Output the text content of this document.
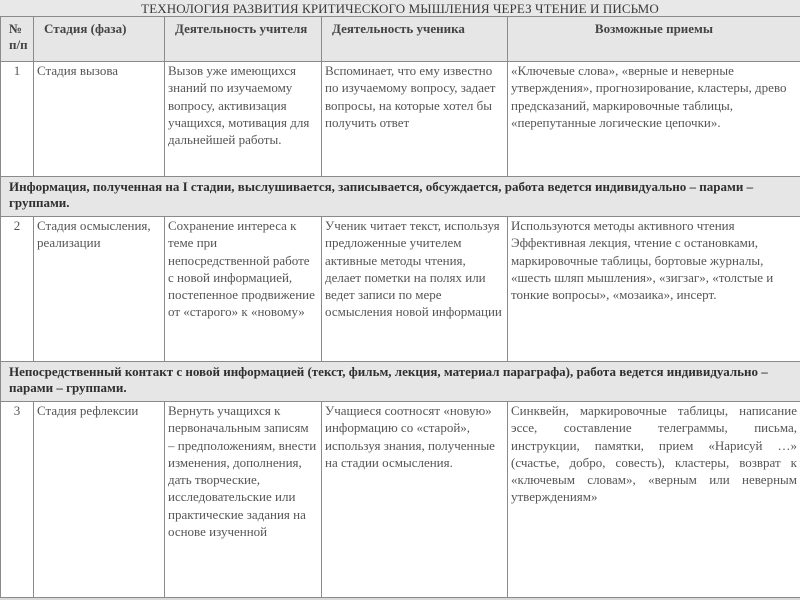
ТЕХНОЛОГИЯ РАЗВИТИЯ КРИТИЧЕСКОГО МЫШЛЕНИЯ ЧЕРЕЗ ЧТЕНИЕ И ПИСЬМО
№ п/п	Стадия (фаза)	Деятельность учителя	Деятельность ученика	Возможные приемы
1	Стадия вызова	Вызов уже имеющихся знаний по изучаемому вопросу, активизация учащихся, мотивация для дальнейшей работы.	Вспоминает, что ему известно по изучаемому вопросу, задает вопросы, на которые хотел бы получить ответ	«Ключевые слова», «верные и неверные утверждения», прогнозирование, кластеры, древо предсказаний, маркировочные таблицы, «перепутанные логические цепочки».
Информация, полученная на I стадии, выслушивается, записывается, обсуждается, работа ведется индивидуально – парами – группами.				
2	Стадия осмысления, реализации	Сохранение интереса к теме при непосредственной работе с новой информацией, постепенное продвижение от «старого» к «новому»	Ученик читает текст, используя предложенные учителем активные методы чтения, делает пометки на полях или ведет записи по мере осмысления новой информации	Используются методы активного чтения Эффективная лекция, чтение с остановками, маркировочные таблицы, бортовые журналы, «шесть шляп мышления», «зигзаг», «толстые и тонкие вопросы», «мозаика», инсерт.
Непосредственный контакт с новой информацией (текст, фильм, лекция, материал параграфа), работа ведется индивидуально – парами – группами.				
3	Стадия рефлексии	Вернуть учащихся к первоначальным записям – предположениям, внести изменения, дополнения, дать творческие, исследовательские или практические задания на основе изученной	Учащиеся соотносят «новую» информацию со «старой», используя знания, полученные на стадии осмысления.	Синквейн, маркировочные таблицы, написание эссе, составление телеграммы, письма, инструкции, памятки, прием «Нарисуй …» (счастье, добро, совесть), кластеры, возврат к «ключевым словам», «верным или неверным утверждениям»
